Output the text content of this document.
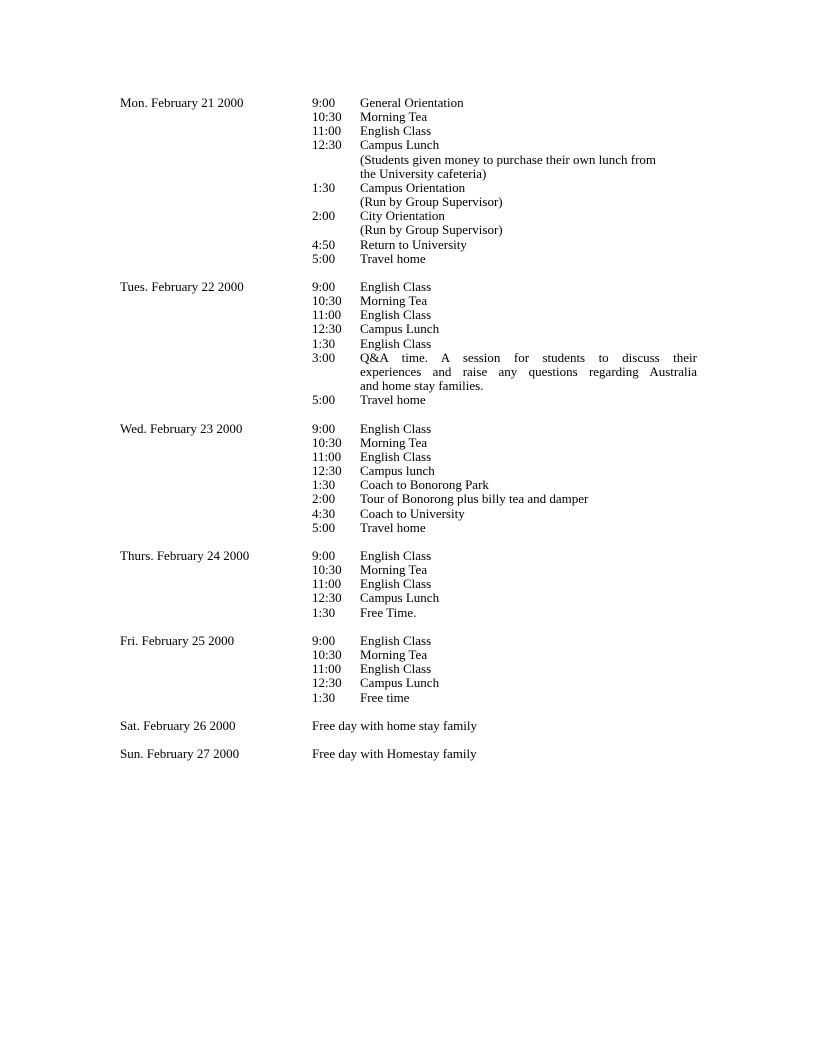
Mon. February 21 2000	9:00	General Orientation
10:30	Morning Tea
11:00	English Class
12:30	Campus Lunch
(Students given money to purchase their own lunch from
the University cafeteria)
1:30	Campus Orientation
(Run by Group Supervisor)
2:00	City Orientation
(Run by Group Supervisor)
4:50	Return to University
5:00	Travel home
Tues. February 22 2000	9:00	English Class
10:30	Morning Tea
11:00	English Class
12:30	Campus Lunch
1:30	English Class
3:00	Q&A time. A session for students to discuss their
experiences and raise any questions regarding Australia
and home stay families.
5:00	Travel home
Wed. February 23 2000	9:00	English Class
10:30	Morning Tea
11:00	English Class
12:30	Campus lunch
1:30	Coach to Bonorong Park
2:00	Tour of Bonorong plus billy tea and damper
4:30	Coach to University
5:00	Travel home
Thurs. February 24 2000	9:00	English Class
10:30	Morning Tea
11:00	English Class
12:30	Campus Lunch
1:30	Free Time.
Fri. February 25 2000	9:00	English Class
10:30	Morning Tea
11:00	English Class
12:30	Campus Lunch
1:30	Free time
Sat. February 26 2000	Free day with home stay family
Sun. February 27 2000	Free day with Homestay family
